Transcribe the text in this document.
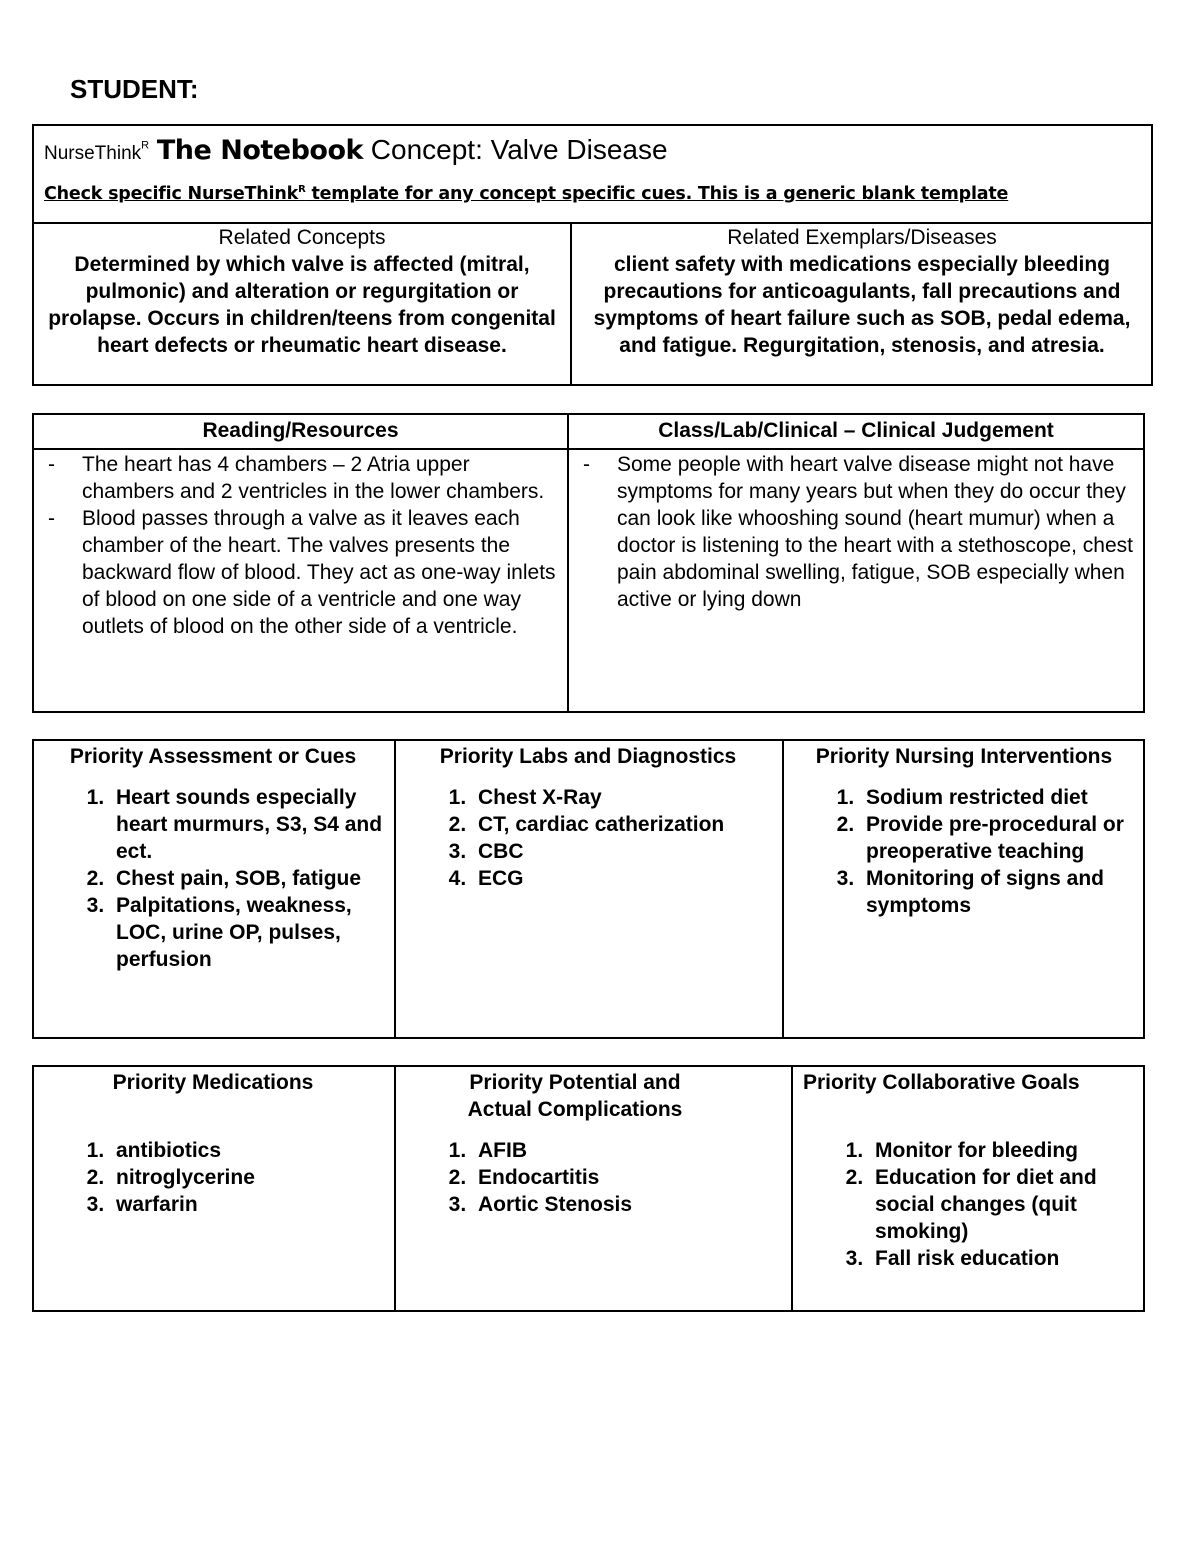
STUDENT:
NurseThink$^R$ The Notebook Concept: Valve Disease
Check specific NurseThink$^R$ template for any concept specific cues. This is a generic blank template
Related Concepts
Determined by which valve is affected (mitral, pulmonic) and alteration or regurgitation or prolapse. Occurs in children/teens from congenital heart defects or rheumatic heart disease.
Related Exemplars/Diseases
client safety with medications especially bleeding precautions for anticoagulants, fall precautions and symptoms of heart failure such as SOB, pedal edema, and fatigue. Regurgitation, stenosis, and atresia.
Reading/Resources	Class/Lab/Clinical – Clinical Judgement
- The heart has 4 chambers – 2 Atria upper chambers and 2 ventricles in the lower chambers.
- Blood passes through a valve as it leaves each chamber of the heart. The valves presents the backward flow of blood. They act as one-way inlets of blood on one side of a ventricle and one way outlets of blood on the other side of a ventricle.
- Some people with heart valve disease might not have symptoms for many years but when they do occur they can look like whooshing sound (heart mumur) when a doctor is listening to the heart with a stethoscope, chest pain abdominal swelling, fatigue, SOB especially when active or lying down
Priority Assessment or Cues
1. Heart sounds especially heart murmurs, S3, S4 and ect.
2. Chest pain, SOB, fatigue
3. Palpitations, weakness, LOC, urine OP, pulses, perfusion
Priority Labs and Diagnostics
1. Chest X-Ray
2. CT, cardiac catherization
3. CBC
4. ECG
Priority Nursing Interventions
1. Sodium restricted diet
2. Provide pre-procedural or preoperative teaching
3. Monitoring of signs and symptoms
Priority Medications
1. antibiotics
2. nitroglycerine
3. warfarin
Priority Potential and Actual Complications
1. AFIB
2. Endocartitis
3. Aortic Stenosis
Priority Collaborative Goals
1. Monitor for bleeding
2. Education for diet and social changes (quit smoking)
3. Fall risk education
